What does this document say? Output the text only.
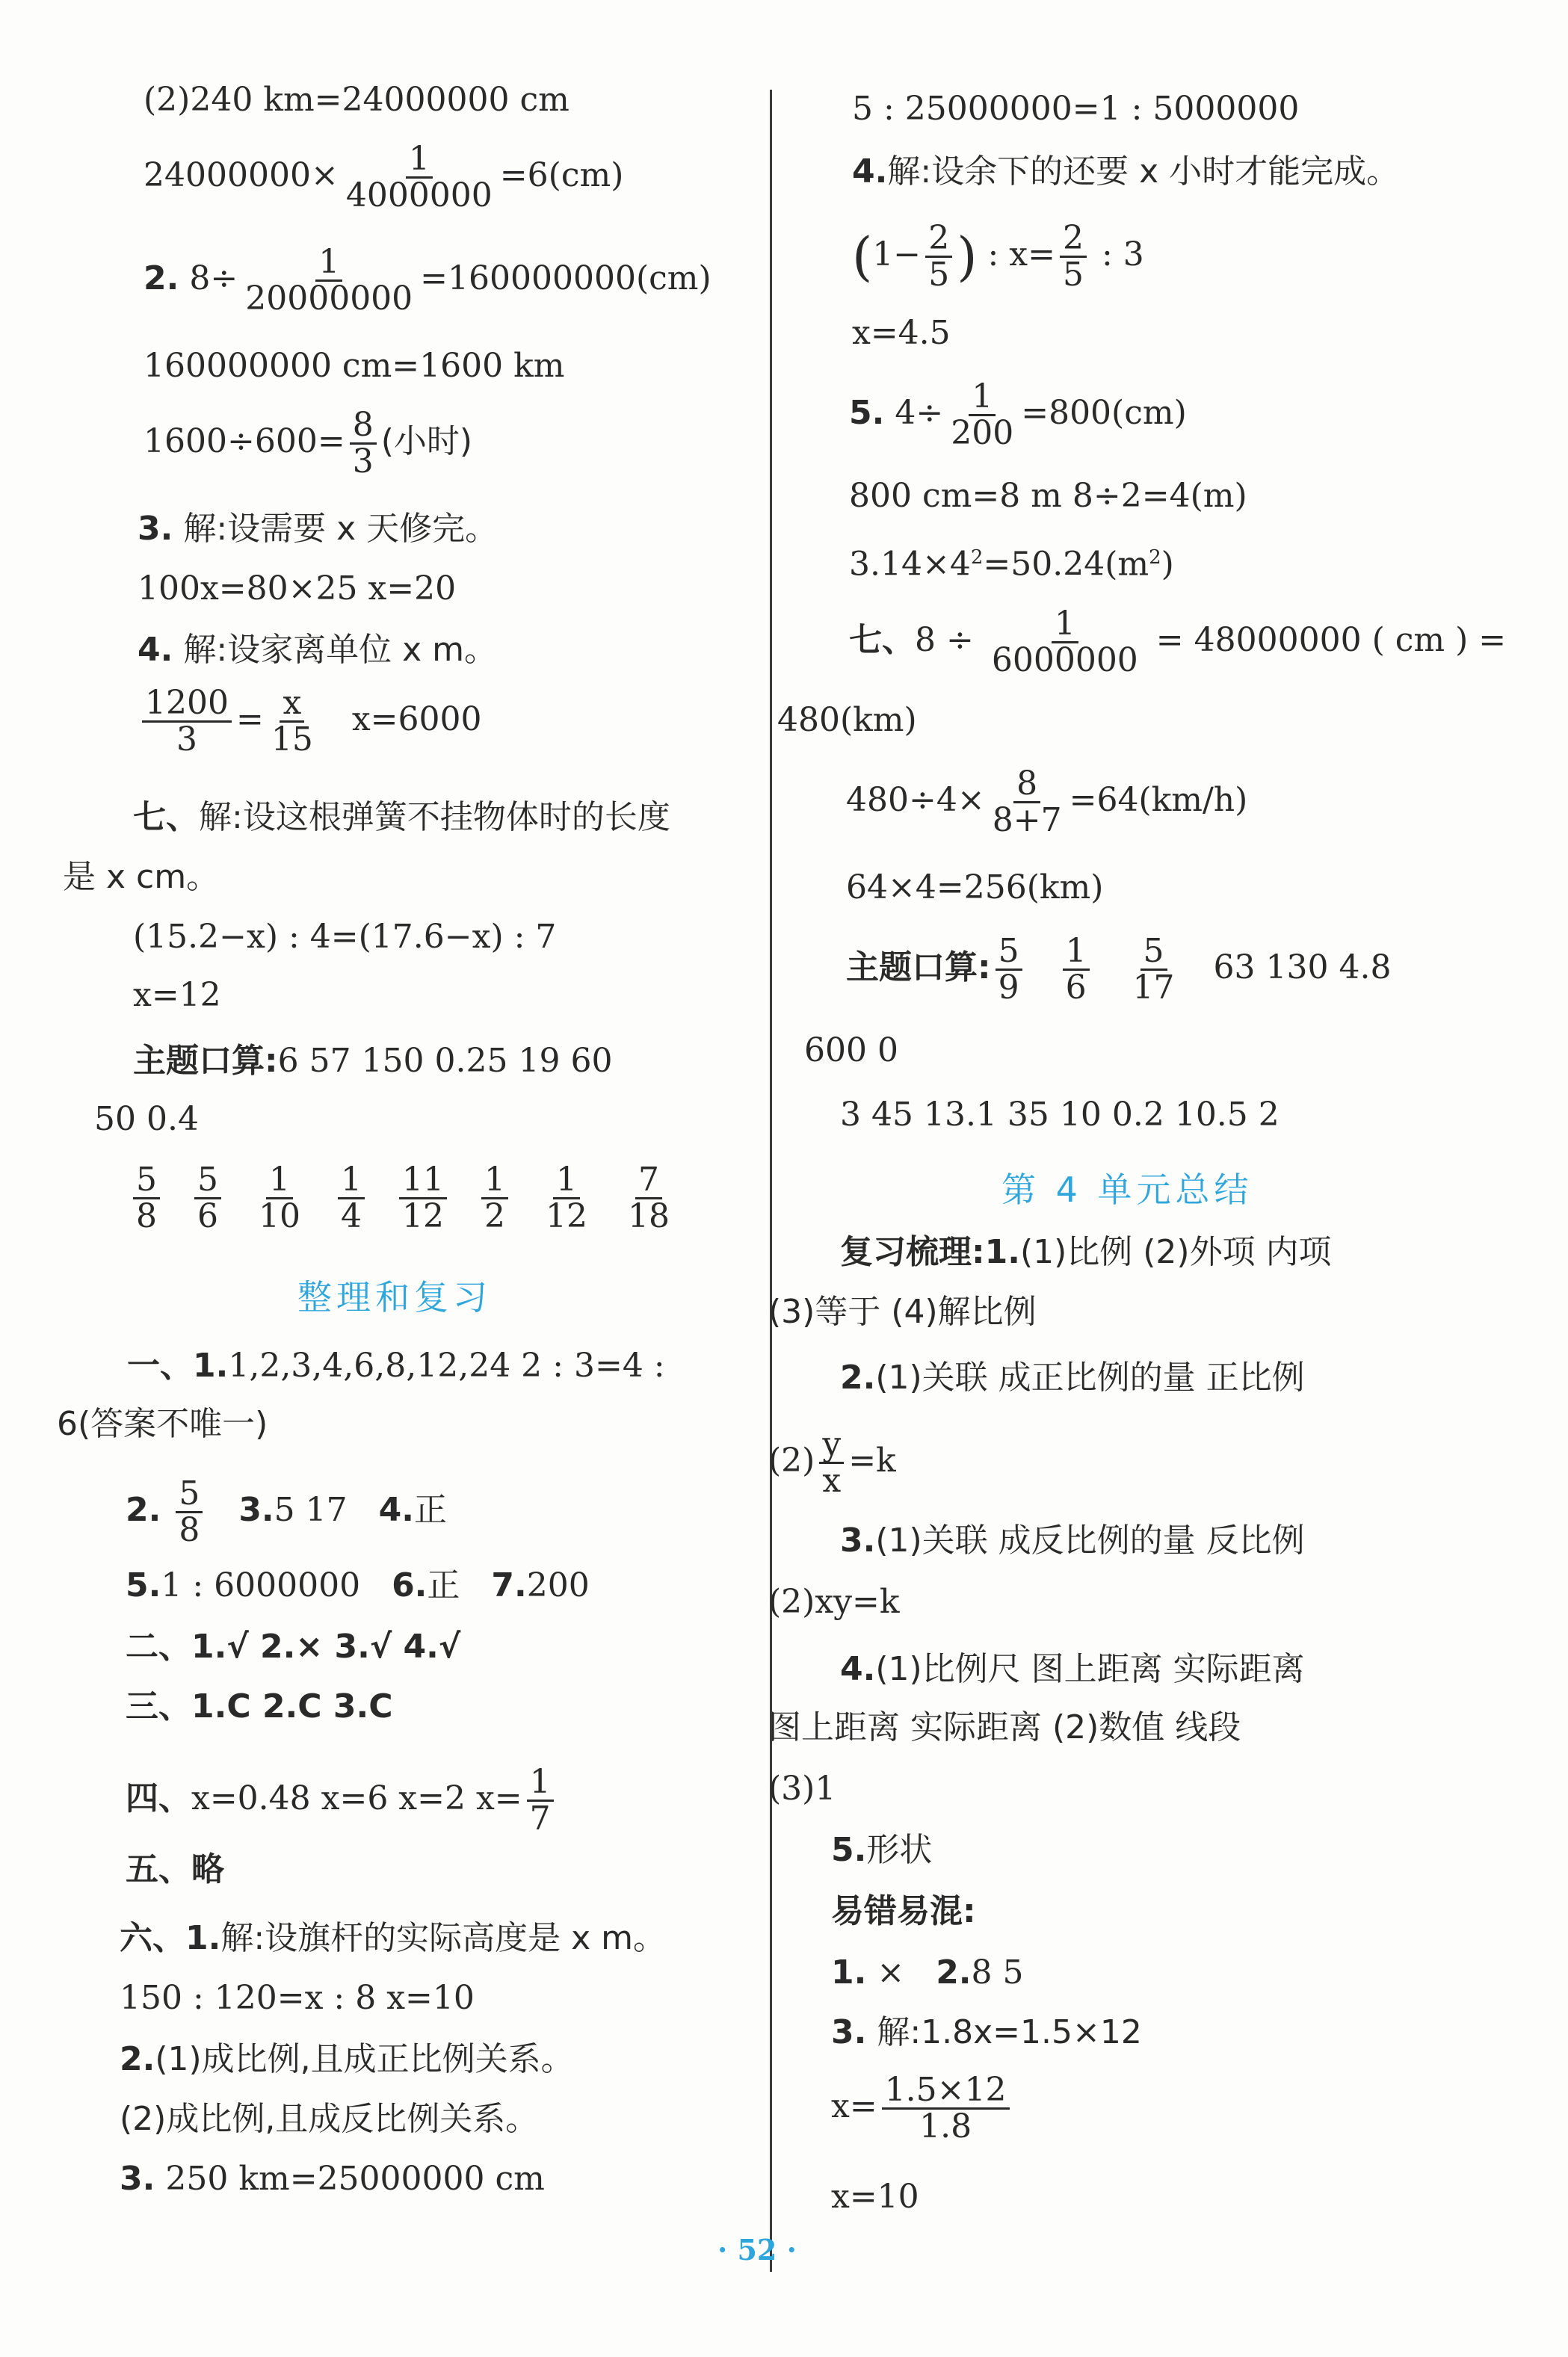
(2)240 km=24000000 cm
$24000000\times \frac{1}{4000000} =6(cm)$
2. $8\div \frac{1}{20000000} =160000000(cm)$
160000000 cm=1600 km
$1600\div 600= \frac{8}{3}$ (小时)
3. 解:设需要 x 天修完。
100x=80×25 x=20
4. 解:设家离单位 x m。
$\frac{1200}{3} = \frac{x}{15} x=6000$
七、解:设这根弹簧不挂物体时的长度
是 x cm。
(15.2−x) : 4=(17.6−x) : 7
x=12
主题口算:6 57 150 0.25 19 60
50 0.4
$\frac{5}{8}$
$\frac{5}{6}$
$\frac{1}{10}$
$\frac{1}{4}$
$\frac{11}{12}$
$\frac{1}{2}$
$\frac{1}{12}$
$\frac{7}{18}$
整理和复习
一、1.1,2,3,4,6,8,12,24 2 : 3=4 :
6(答案不唯一)
2. $\frac{5}{8} 3.5$ 17 4.正
5.1 : 6000000 6.正 7.200
二、1.√ 2.× 3.√ 4.√
三、1.C 2.C 3.C
四、x=0.48 x=6 x=2 $x= \frac{1}{7}$
五、略
六、1.解:设旗杆的实际高度是 x m。
150 : 120=x : 8 x=10
2.(1)成比例,且成正比例关系。
(2)成比例,且成反比例关系。
3. 250 km=25000000 cm
5 : 25000000=1 : 5000000
4.解:设余下的还要 x 小时才能完成。
($1- \frac{2}{5}$ ) : $x= \frac{2}{5}$ : 3
x=4.5
5. $4\div \frac{1}{200} =800(cm)$
800 cm=8 m 8÷2=4(m)
$3.14\times 4^2=50.24(m^2)$
七、$8 \div \frac{1}{6000000} = 48000000$ ( cm ) =
480(km)
$480\div 4\times \frac{8}{8+7} =64(km/h)$
64×4=256(km)
主题口算: $\frac{5}{9}$
$\frac{1}{6}$
$\frac{5}{17} 63$ 130 4.8
600 0
3 45 13.1 35 10 0.2 10.5 2
第 4 单元总结
复习梳理:1.(1)比例 (2)外项 内项
(3)等于 (4)解比例
2.(1)关联 成正比例的量 正比例
$(2) \frac{y}{x} =k$
3.(1)关联 成反比例的量 反比例
(2)xy=k
4.(1)比例尺 图上距离 实际距离
图上距离 实际距离 (2)数值 线段
(3)1
5.形状
易错易混:
1. × 2.8 5
3. 解:1.8x=1.5×12
$x= \frac{1.5\times 12}{1.8}$
x=10
· 52 ·
